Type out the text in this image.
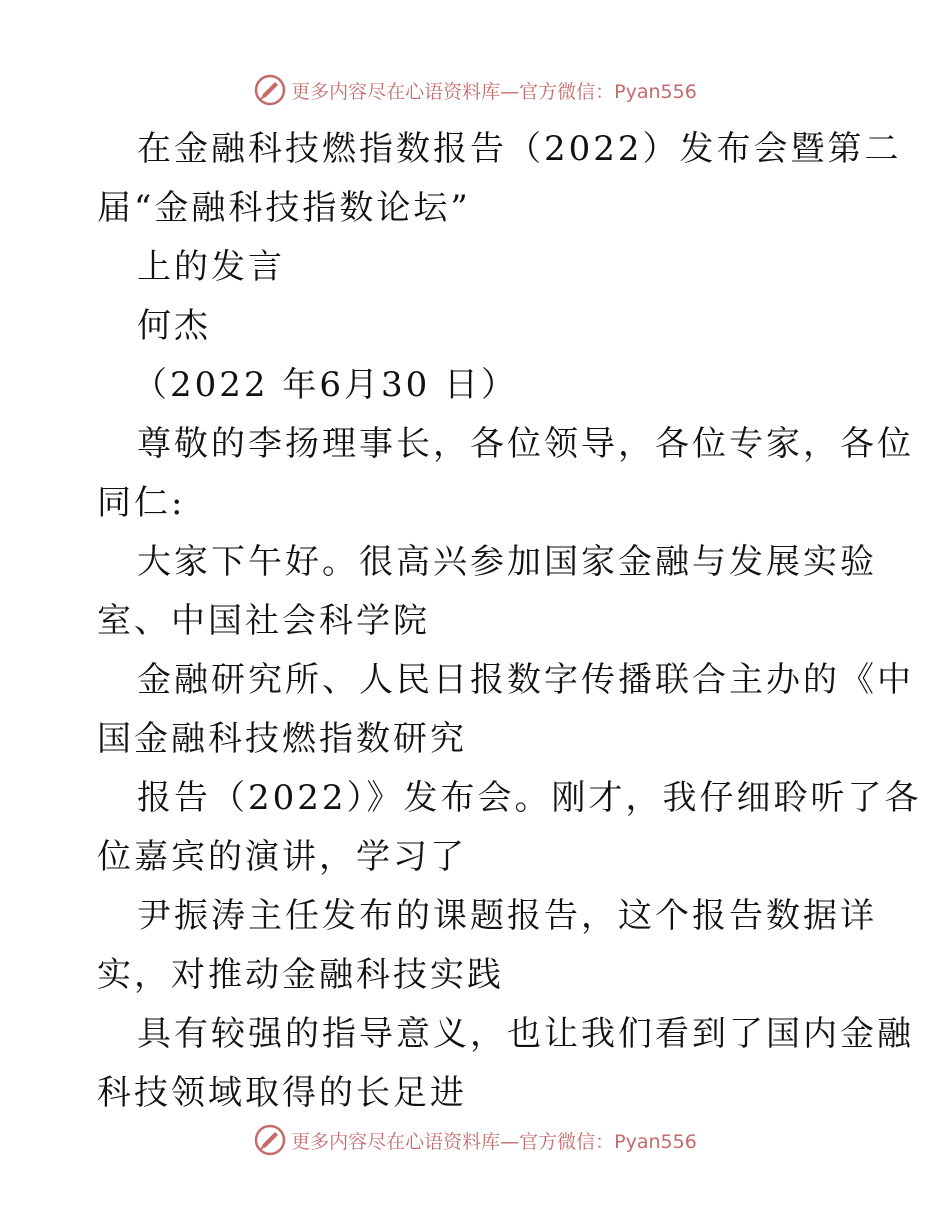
更多内容尽在心语资料库—官方微信：Pyan556
在金融科技燃指数报告（2022）发布会暨第二
届“金融科技指数论坛”
上的发言
何杰
（2022 年6月30 日）
尊敬的李扬理事长，各位领导，各位专家，各位
同仁:
大家下午好。很高兴参加国家金融与发展实验
室、中国社会科学院
金融研究所、人民日报数字传播联合主办的《中
国金融科技燃指数研究
报告（2022）》发布会。刚才，我仔细聆听了各
位嘉宾的演讲，学习了
尹振涛主任发布的课题报告，这个报告数据详
实，对推动金融科技实践
具有较强的指导意义，也让我们看到了国内金融
科技领域取得的长足进
更多内容尽在心语资料库—官方微信：Pyan556
